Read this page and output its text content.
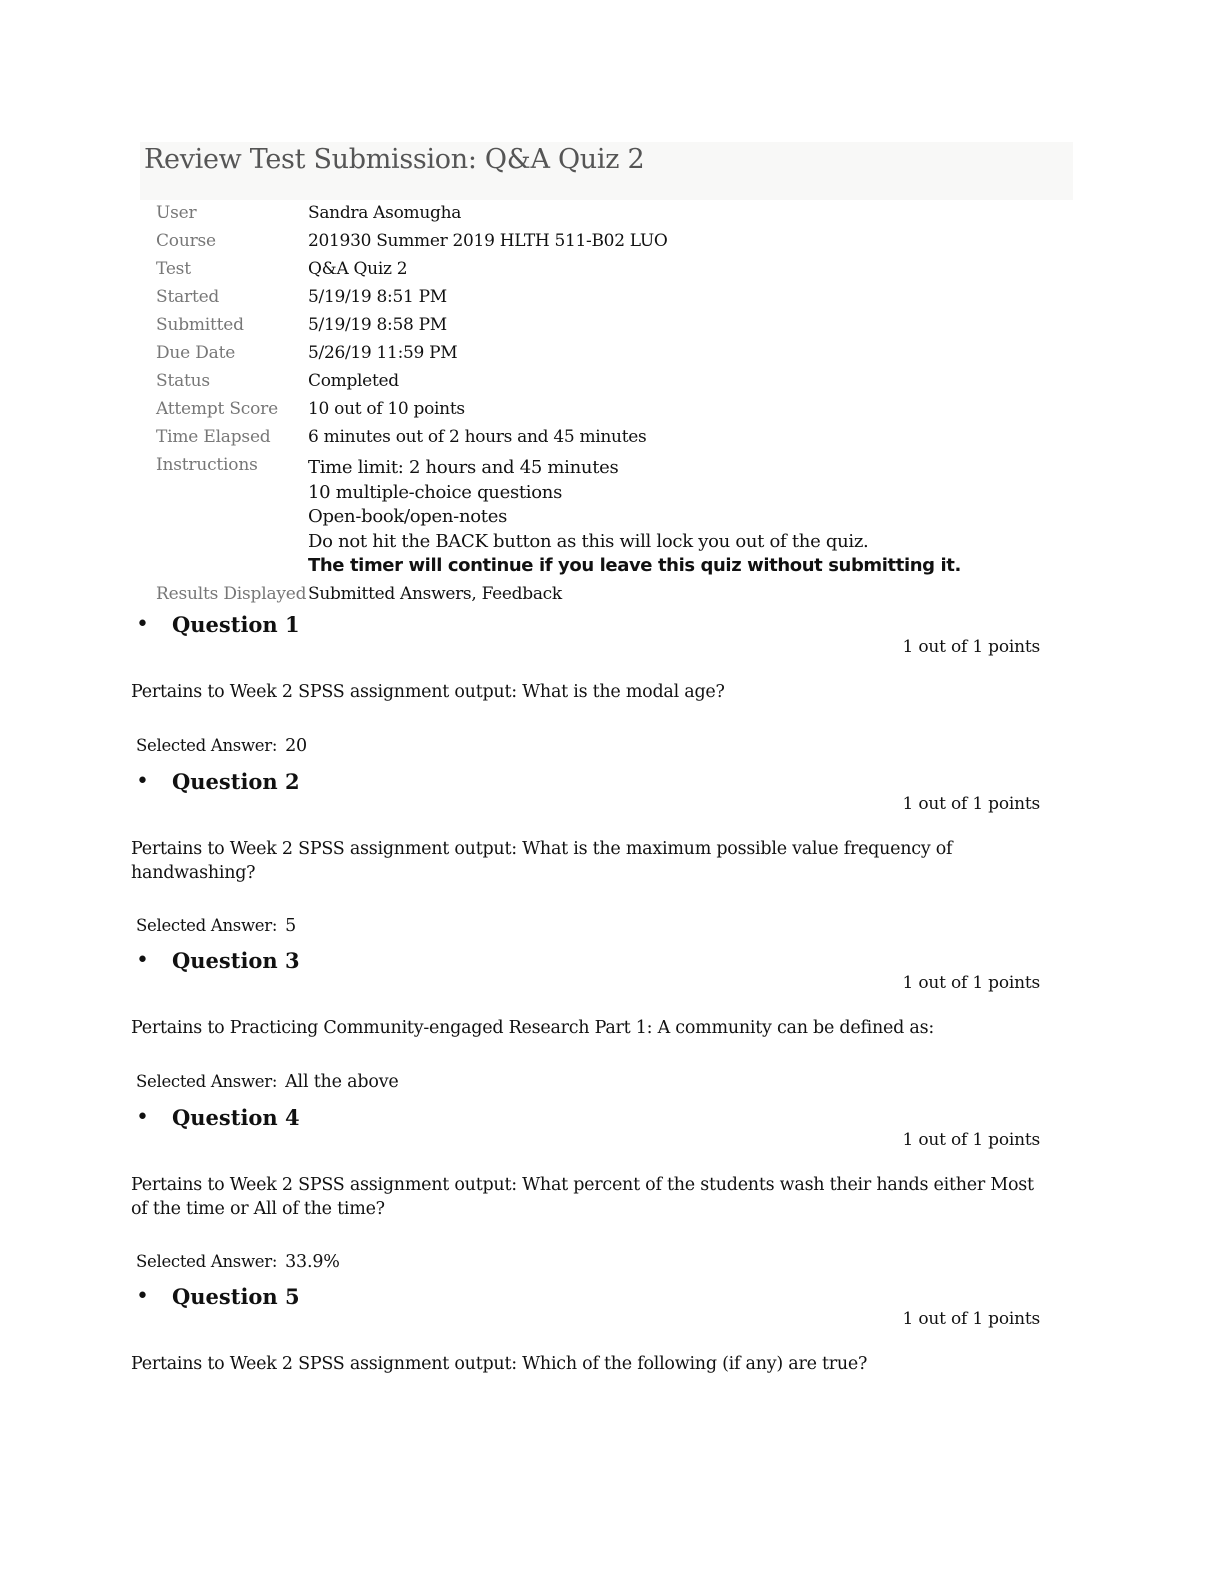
Review Test Submission: Q&A Quiz 2
User	Sandra Asomugha
Course	201930 Summer 2019 HLTH 511-B02 LUO
Test	Q&A Quiz 2
Started	5/19/19 8:51 PM
Submitted	5/19/19 8:58 PM
Due Date	5/26/19 11:59 PM
Status	Completed
Attempt Score 10 out of 10 points
Time Elapsed 6 minutes out of 2 hours and 45 minutes
Instructions	Time limit: 2 hours and 45 minutes
10 multiple-choice questions
Open-book/open-notes
Do not hit the BACK button as this will lock you out of the quiz.
The timer will continue if you leave this quiz without submitting it.
Results Displayed Submitted Answers, Feedback
• Question 1
1 out of 1 points
Pertains to Week 2 SPSS assignment output: What is the modal age?
Selected Answer: 20
• Question 2
1 out of 1 points
Pertains to Week 2 SPSS assignment output: What is the maximum possible value frequency of handwashing?
Selected Answer: 5
• Question 3
1 out of 1 points
Pertains to Practicing Community-engaged Research Part 1: A community can be defined as:
Selected Answer: All the above
• Question 4
1 out of 1 points
Pertains to Week 2 SPSS assignment output: What percent of the students wash their hands either Most of the time or All of the time?
Selected Answer: 33.9%
• Question 5
1 out of 1 points
Pertains to Week 2 SPSS assignment output: Which of the following (if any) are true?
